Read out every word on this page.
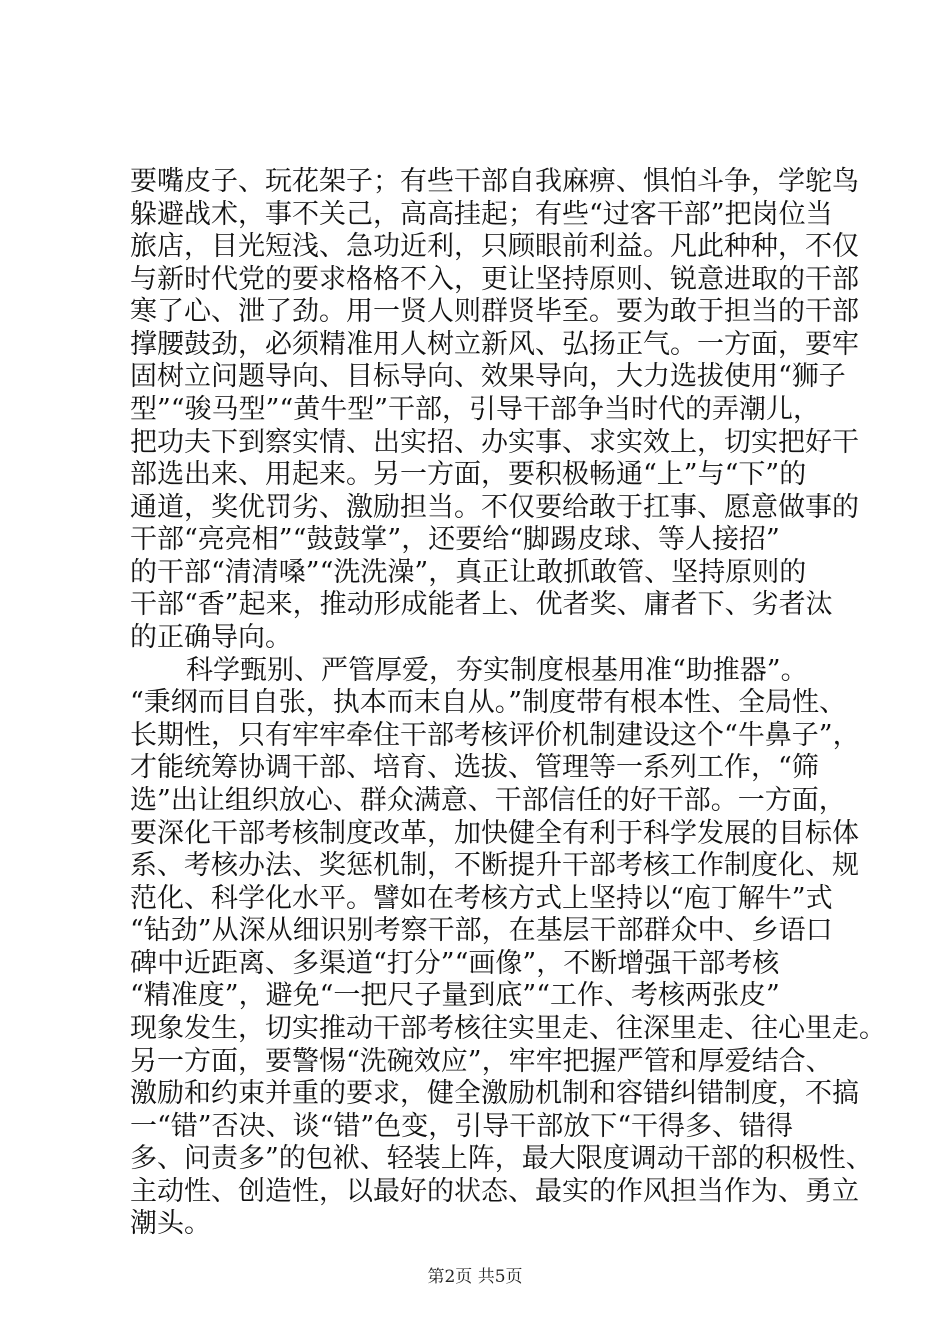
要嘴皮子、玩花架子；有些干部自我麻痹、惧怕斗争，学鸵鸟
躲避战术，事不关己，高高挂起；有些“过客干部”把岗位当
旅店，目光短浅、急功近利，只顾眼前利益。凡此种种，不仅
与新时代党的要求格格不入，更让坚持原则、锐意进取的干部
寒了心、泄了劲。用一贤人则群贤毕至。要为敢于担当的干部
撑腰鼓劲，必须精准用人树立新风、弘扬正气。一方面，要牢
固树立问题导向、目标导向、效果导向，大力选拔使用“狮子
型”“骏马型”“黄牛型”干部，引导干部争当时代的弄潮儿，
把功夫下到察实情、出实招、办实事、求实效上，切实把好干
部选出来、用起来。另一方面，要积极畅通“上”与“下”的
通道，奖优罚劣、激励担当。不仅要给敢于扛事、愿意做事的
干部“亮亮相”“鼓鼓掌”，还要给“脚踢皮球、等人接招”
的干部“清清嗓”“洗洗澡”，真正让敢抓敢管、坚持原则的
干部“香”起来，推动形成能者上、优者奖、庸者下、劣者汰
的正确导向。
科学甄别、严管厚爱，夯实制度根基用准“助推器”。
“秉纲而目自张，执本而末自从。”制度带有根本性、全局性、
长期性，只有牢牢牵住干部考核评价机制建设这个“牛鼻子”，
才能统筹协调干部、培育、选拔、管理等一系列工作，“筛
选”出让组织放心、群众满意、干部信任的好干部。一方面，
要深化干部考核制度改革，加快健全有利于科学发展的目标体
系、考核办法、奖惩机制，不断提升干部考核工作制度化、规
范化、科学化水平。譬如在考核方式上坚持以“庖丁解牛”式
“钻劲”从深从细识别考察干部，在基层干部群众中、乡语口
碑中近距离、多渠道“打分”“画像”，不断增强干部考核
“精准度”，避免“一把尺子量到底”“工作、考核两张皮”
现象发生，切实推动干部考核往实里走、往深里走、往心里走。
另一方面，要警惕“洗碗效应”，牢牢把握严管和厚爱结合、
激励和约束并重的要求，健全激励机制和容错纠错制度，不搞
一“错”否决、谈“错”色变，引导干部放下“干得多、错得
多、问责多”的包袱、轻装上阵，最大限度调动干部的积极性、
主动性、创造性，以最好的状态、最实的作风担当作为、勇立
潮头。
第2页 共5页
